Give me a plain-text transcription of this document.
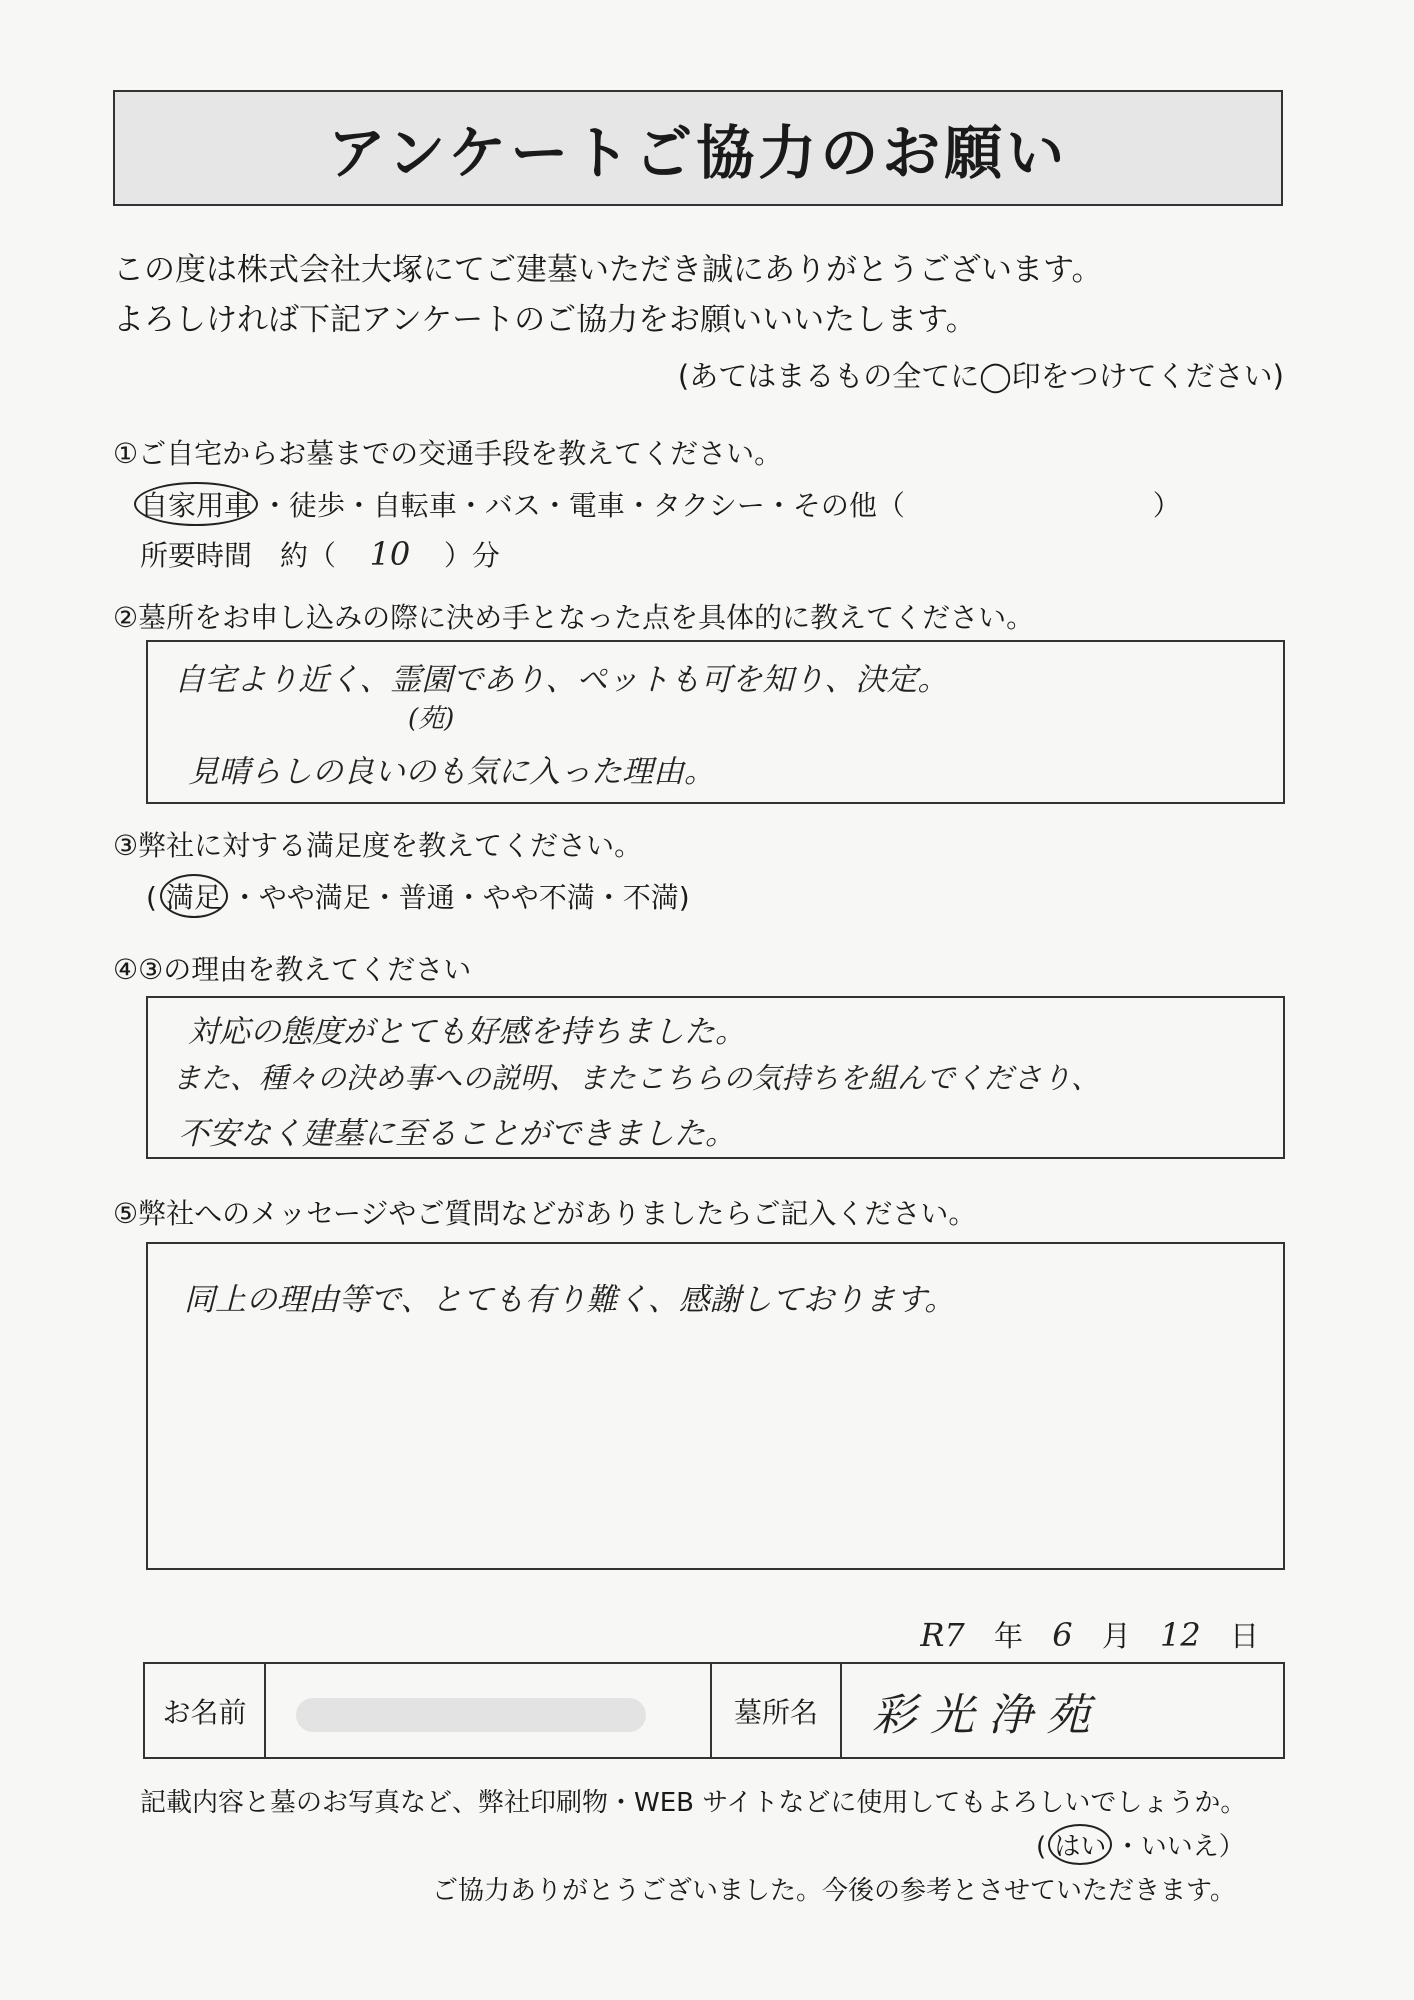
アンケートご協力のお願い
この度は株式会社大塚にてご建墓いただき誠にありがとうございます。
よろしければ下記アンケートのご協力をお願いいいたします。
(あてはまるもの全てに◯印をつけてください)
①ご自宅からお墓までの交通手段を教えてください。
自家用車 ・徒歩・自転車・バス・電車・タクシー・その他（	）
所要時間　約（ 10 ）分
②墓所をお申し込みの際に決め手となった点を具体的に教えてください。
自宅より近く、霊園であり、ペットも可を知り、決定。
(苑)
見晴らしの良いのも気に入った理由。
③弊社に対する満足度を教えてください。
( 満足 ・やや満足・普通・やや不満・不満)
④③の理由を教えてください
対応の態度がとても好感を持ちました。
また、種々の決め事への説明、またこちらの気持ちを組んでくださり、
不安なく建墓に至ることができました。
⑤弊社へのメッセージやご質問などがありましたらご記入ください。
同上の理由等で、とても有り難く、感謝しております。
R7 年 6 月 12 日
お名前	墓所名	彩光浄苑
記載内容と墓のお写真など、弊社印刷物・WEB サイトなどに使用してもよろしいでしょうか。
( はい ・いいえ）
ご協力ありがとうございました。今後の参考とさせていただきます。
